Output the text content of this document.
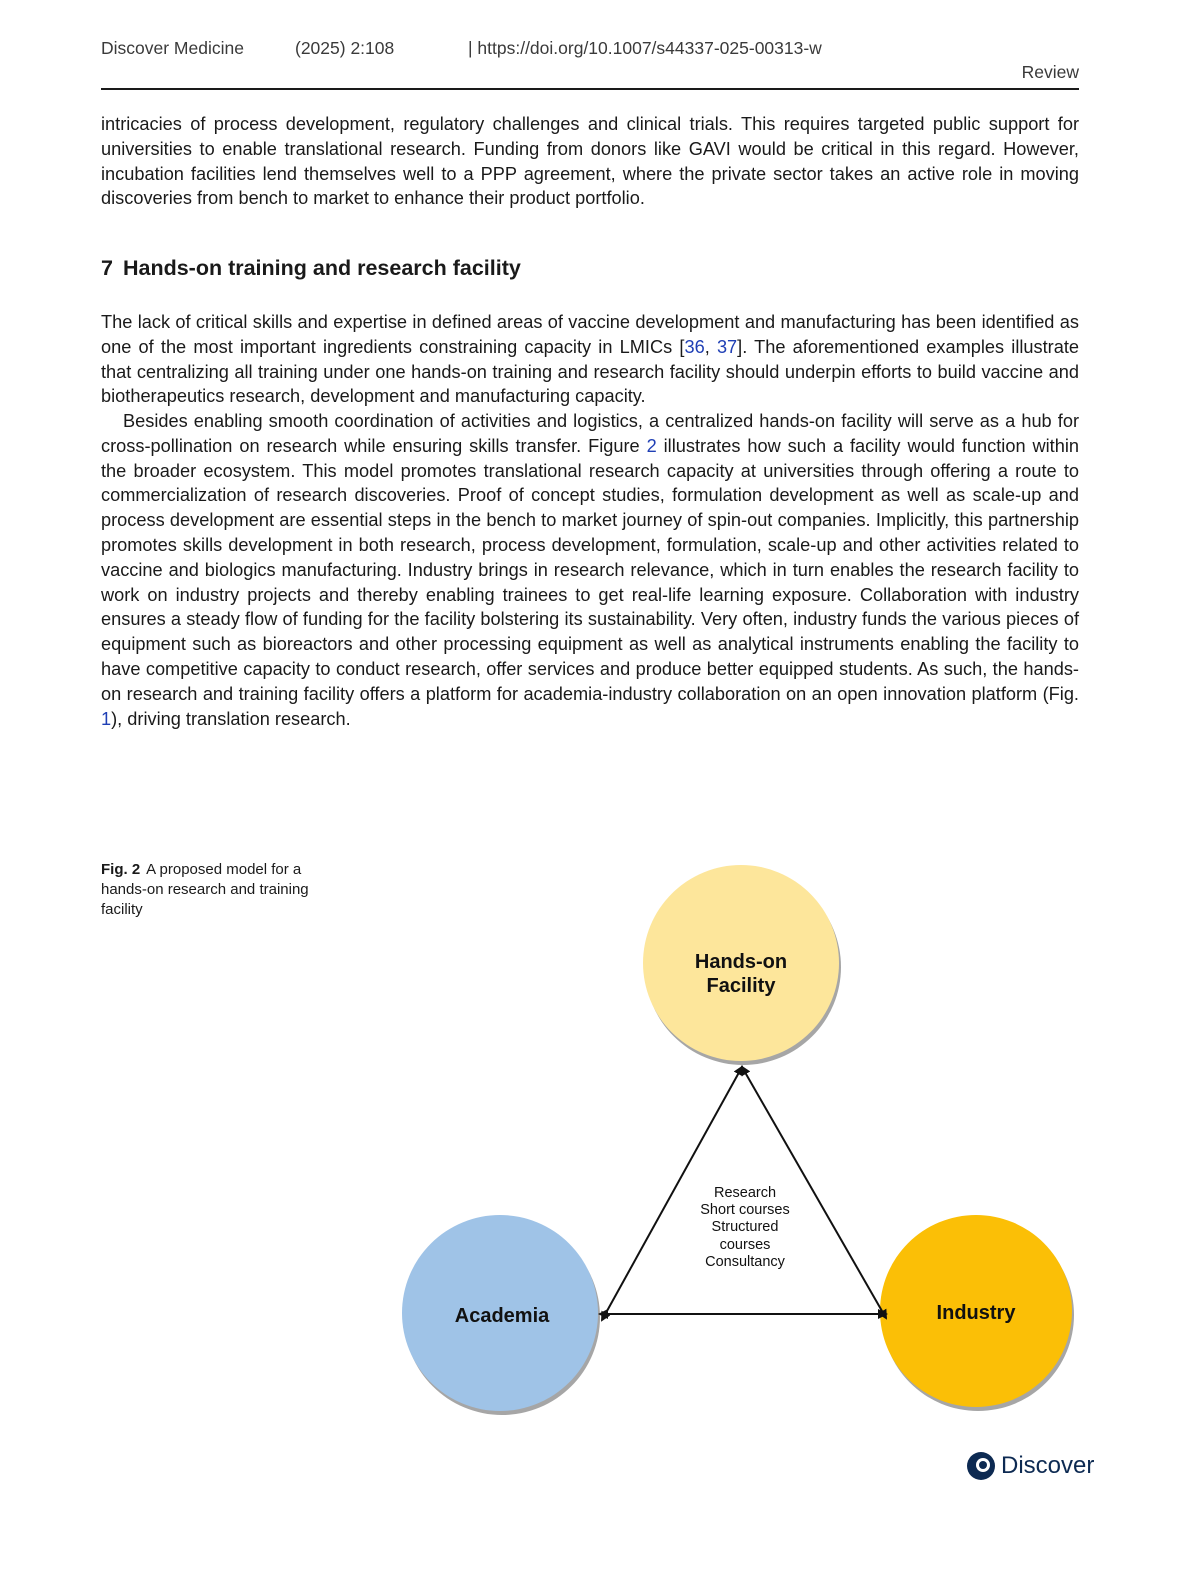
Discover Medicine	(2025) 2:108	| https://doi.org/10.1007/s44337-025-00313-w
Review
intricacies of process development, regulatory challenges and clinical trials. This requires targeted public support for universities to enable translational research. Funding from donors like GAVI would be critical in this regard. However, incubation facilities lend themselves well to a PPP agreement, where the private sector takes an active role in moving discoveries from bench to market to enhance their product portfolio.
7 Hands-on training and research facility
The lack of critical skills and expertise in defined areas of vaccine development and manufacturing has been identified as one of the most important ingredients constraining capacity in LMICs [36, 37]. The aforementioned examples illustrate that centralizing all training under one hands-on training and research facility should underpin efforts to build vaccine and biotherapeutics research, development and manufacturing capacity.
Besides enabling smooth coordination of activities and logistics, a centralized hands-on facility will serve as a hub for cross-pollination on research while ensuring skills transfer. Figure 2 illustrates how such a facility would function within the broader ecosystem. This model promotes translational research capacity at universities through offering a route to commercialization of research discoveries. Proof of concept studies, formulation development as well as scale-up and process development are essential steps in the bench to market journey of spin-out companies. Implicitly, this partnership promotes skills development in both research, process development, formulation, scale-up and other activities related to vaccine and biologics manufacturing. Industry brings in research relevance, which in turn enables the research facility to work on industry projects and thereby enabling trainees to get real-life learning exposure. Collaboration with industry ensures a steady flow of funding for the facility bolstering its sustainability. Very often, industry funds the various pieces of equipment such as bioreactors and other processing equipment as well as analytical instruments enabling the facility to have competitive capacity to conduct research, offer services and produce better equipped students. As such, the hands-on research and training facility offers a platform for academia-industry collaboration on an open innovation platform (Fig. 1), driving translation research.
Fig. 2 A proposed model for a hands-on research and training facility
Hands-on
Facility
Academia	Industry
Research
Short courses
Structured
courses
Consultancy
Discover
